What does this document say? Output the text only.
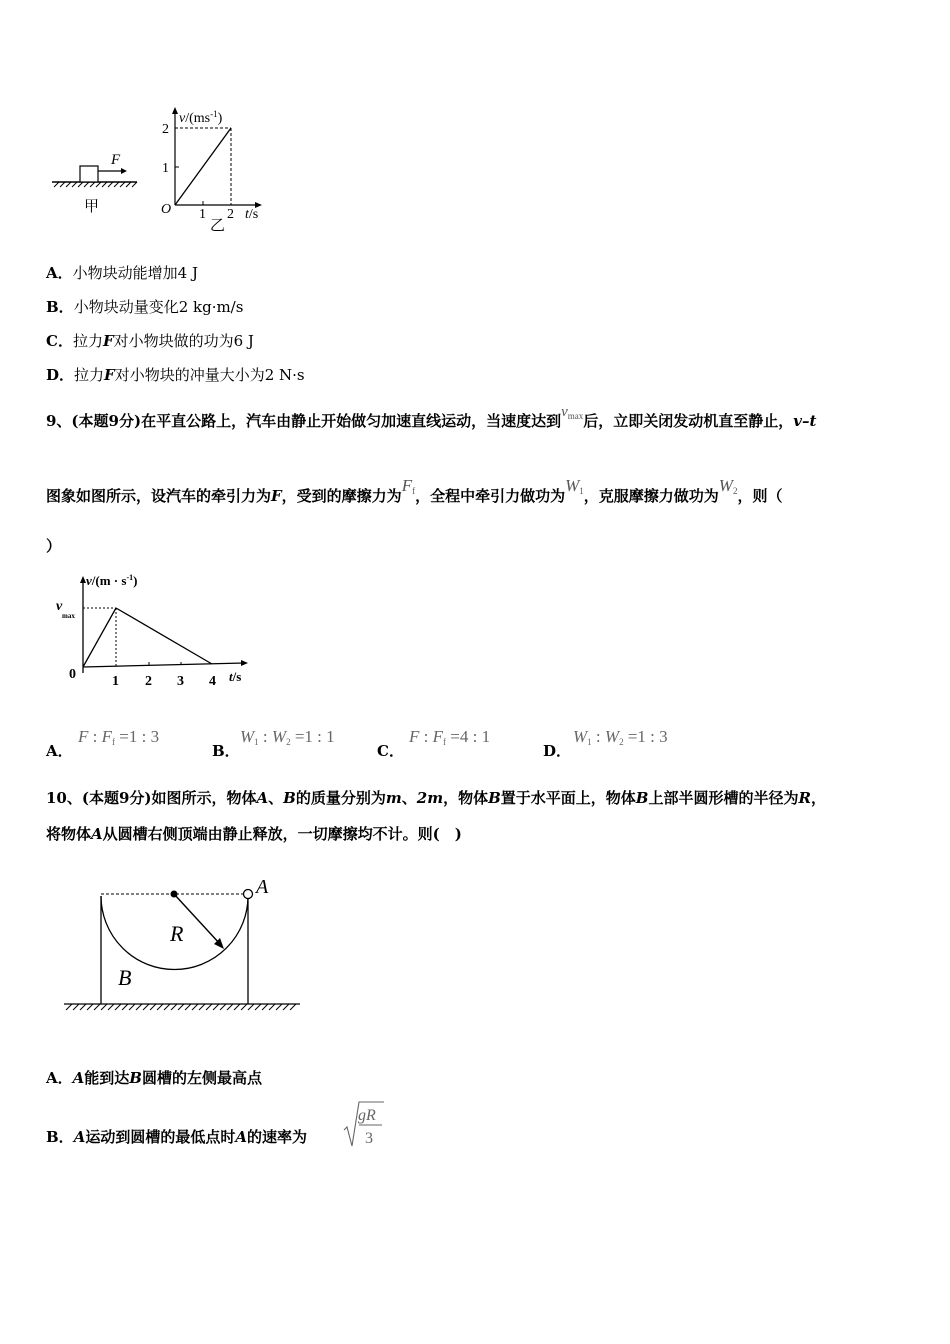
F
甲
$v/(ms^{-1})$
2
1
O 1 2 t/s
乙
A．小物块动能增加4 J
B．小物块动量变化2 kg·m/s
C．拉力F对小物块做的功为6 J
D．拉力F对小物块的冲量大小为2 N·s
9、(本题9分)在平直公路上，汽车由静止开始做匀加速直线运动，当速度达到$v_{max}$后，立即关闭发动机直至静止，v–t
图象如图所示，设汽车的牵引力为F，受到的摩擦力为$F_f$，全程中牵引力做功为$W_1$，克服摩擦力做功为$W_2$，则（
）
$v/(m \cdot s^{-1})$
v
max
0	1 2 3 4 t/s
A．
F : $F_f =1$ : 3
B．
$W_1$ : $W_2 =1$ : 1
C．
F : $F_f =4$ : 1
D．
$W_1$ : $W_2 =1$ : 3
10、(本题9分)如图所示，物体A、B的质量分别为m、2m，物体B置于水平面上，物体B上部半圆形槽的半径为R，
将物体A从圆槽右侧顶端由静止释放，一切摩擦均不计。则(　)
A
R
B
A．A能到达B圆槽的左侧最高点
B．A运动到圆槽的最低点时A的速率为
gR
3
